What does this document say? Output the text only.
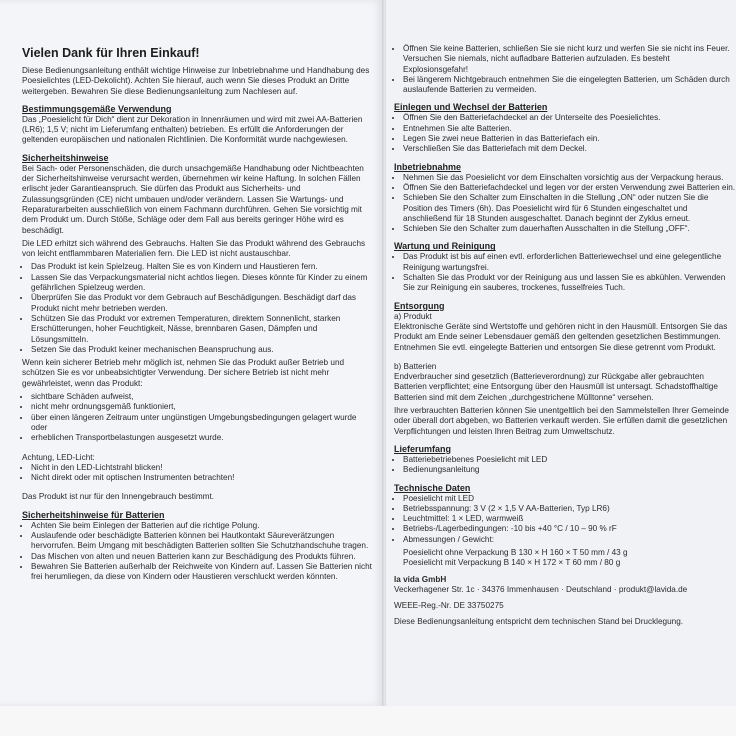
Vielen Dank für Ihren Einkauf!

Diese Bedienungsanleitung enthält wichtige Hinweise zur Inbetriebnahme und Handhabung des Poesielichtes (LED-Dekolicht). Achten Sie hierauf, auch wenn Sie dieses Produkt an Dritte weitergeben. Bewahren Sie diese Bedienungsanleitung zum Nachlesen auf.

Bestimmungsgemäße Verwendung

Das „Poesielicht für Dich“ dient zur Dekoration in Innenräumen und wird mit zwei AA-Batterien (LR6); 1,5 V; nicht im Lieferumfang enthalten) betrieben. Es erfüllt die Anforderungen der geltenden europäischen und nationalen Richtlinien. Die Konformität wurde nachgewiesen.

Sicherheitshinweise

Bei Sach- oder Personenschäden, die durch unsachgemäße Handhabung oder Nichtbeachten der Sicherheitshinweise verursacht werden, übernehmen wir keine Haftung. In solchen Fällen erlischt jeder Garantieanspruch. Sie dürfen das Produkt aus Sicherheits- und Zulassungsgründen (CE) nicht umbauen und/oder verändern. Lassen Sie Wartungs- und Reparaturarbeiten ausschließlich von einem Fachmann durchführen. Gehen Sie vorsichtig mit dem Produkt um. Durch Stöße, Schläge oder dem Fall aus bereits geringer Höhe wird es beschädigt.

Die LED erhitzt sich während des Gebrauchs. Halten Sie das Produkt während des Gebrauchs von leicht entflammbaren Materialien fern. Die LED ist nicht austauschbar.

• Das Produkt ist kein Spielzeug. Halten Sie es von Kindern und Haustieren fern.
• Lassen Sie das Verpackungsmaterial nicht achtlos liegen. Dieses könnte für Kinder zu einem gefährlichen Spielzeug werden.
• Überprüfen Sie das Produkt vor dem Gebrauch auf Beschädigungen. Beschädigt darf das Produkt nicht mehr betrieben werden.
• Schützen Sie das Produkt vor extremen Temperaturen, direktem Sonnenlicht, starken Erschütterungen, hoher Feuchtigkeit, Nässe, brennbaren Gasen, Dämpfen und Lösungsmitteln.
• Setzen Sie das Produkt keiner mechanischen Beanspruchung aus.

Wenn kein sicherer Betrieb mehr möglich ist, nehmen Sie das Produkt außer Betrieb und schützen Sie es vor unbeabsichtigter Verwendung. Der sichere Betrieb ist nicht mehr gewährleistet, wenn das Produkt:

• sichtbare Schäden aufweist,
• nicht mehr ordnungsgemäß funktioniert,
• über einen längeren Zeitraum unter ungünstigen Umgebungsbedingungen gelagert wurde oder
• erheblichen Transportbelastungen ausgesetzt wurde.
Achtung, LED-Licht:
• Nicht in den LED-Lichtstrahl blicken!
• Nicht direkt oder mit optischen Instrumenten betrachten!

Das Produkt ist nur für den Innengebrauch bestimmt.

Sicherheitshinweise für Batterien
• Achten Sie beim Einlegen der Batterien auf die richtige Polung.
• Auslaufende oder beschädigte Batterien können bei Hautkontakt Säureverätzungen hervorrufen. Beim Umgang mit beschädigten Batterien sollten Sie Schutzhandschuhe tragen.
• Das Mischen von alten und neuen Batterien kann zur Beschädigung des Produkts führen.
• Bewahren Sie Batterien außerhalb der Reichweite von Kindern auf. Lassen Sie Batterien nicht frei herumliegen, da diese von Kindern oder Haustieren verschluckt werden könnten.
• Öffnen Sie keine Batterien, schließen Sie sie nicht kurz und werfen Sie sie nicht ins Feuer. Versuchen Sie niemals, nicht aufladbare Batterien aufzuladen. Es besteht Explosionsgefahr!
• Bei längerem Nichtgebrauch entnehmen Sie die eingelegten Batterien, um Schäden durch auslaufende Batterien zu vermeiden.
Einlegen und Wechsel der Batterien
• Öffnen Sie den Batteriefachdeckel an der Unterseite des Poesielichtes.
• Entnehmen Sie alte Batterien.
• Legen Sie zwei neue Batterien in das Batteriefach ein.
• Verschließen Sie das Batteriefach mit dem Deckel.
Inbetriebnahme
• Nehmen Sie das Poesielicht vor dem Einschalten vorsichtig aus der Verpackung heraus.
• Öffnen Sie den Batteriefachdeckel und legen vor der ersten Verwendung zwei Batterien ein.
• Schieben Sie den Schalter zum Einschalten in die Stellung „ON“ oder nutzen Sie die Position des Timers (6h). Das Poesielicht wird für 6 Stunden eingeschaltet und anschließend für 18 Stunden ausgeschaltet. Danach beginnt der Zyklus erneut.
• Schieben Sie den Schalter zum dauerhaften Ausschalten in die Stellung „OFF“.
Wartung und Reinigung
• Das Produkt ist bis auf einen evtl. erforderlichen Batteriewechsel und eine gelegentliche Reinigung wartungsfrei.
• Schalten Sie das Produkt vor der Reinigung aus und lassen Sie es abkühlen. Verwenden Sie zur Reinigung ein sauberes, trockenes, fusselfreies Tuch.
Entsorgung
a) Produkt

Elektronische Geräte sind Wertstoffe und gehören nicht in den Hausmüll. Entsorgen Sie das Produkt am Ende seiner Lebensdauer gemäß den geltenden gesetzlichen Bestimmungen. Entnehmen Sie evtl. eingelegte Batterien und entsorgen Sie diese getrennt vom Produkt.

b) Batterien

Endverbraucher sind gesetzlich (Batterieverordnung) zur Rückgabe aller gebrauchten Batterien verpflichtet; eine Entsorgung über den Hausmüll ist untersagt. Schadstoffhaltige Batterien sind mit dem Zeichen „durchgestrichene Mülltonne“ versehen.

Ihre verbrauchten Batterien können Sie unentgeltlich bei den Sammelstellen Ihrer Gemeinde oder überall dort abgeben, wo Batterien verkauft werden. Sie erfüllen damit die gesetzlichen Verpflichtungen und leisten Ihren Beitrag zum Umweltschutz.

Lieferumfang
• Batteriebetriebenes Poesielicht mit LED
• Bedienungsanleitung
Technische Daten
• Poesielicht mit LED
• Betriebsspannung: 3 V (2 × 1,5 V AA-Batterien, Typ LR6)
• Leuchtmittel: 1 × LED, warmweiß
• Betriebs-/Lagerbedingungen: -10 bis +40 °C / 10 – 90 % rF
• Abmessungen / Gewicht:
Poesielicht ohne Verpackung B 130 × H 160 × T 50 mm / 43 g
Poesielicht mit Verpackung B 140 × H 172 × T 60 mm / 80 g
la vida GmbH
Veckerhagener Str. 1c · 34376 Immenhausen · Deutschland · produkt@lavida.de
WEEE-Reg.-Nr. DE 33750275
Diese Bedienungsanleitung entspricht dem technischen Stand bei Drucklegung.
